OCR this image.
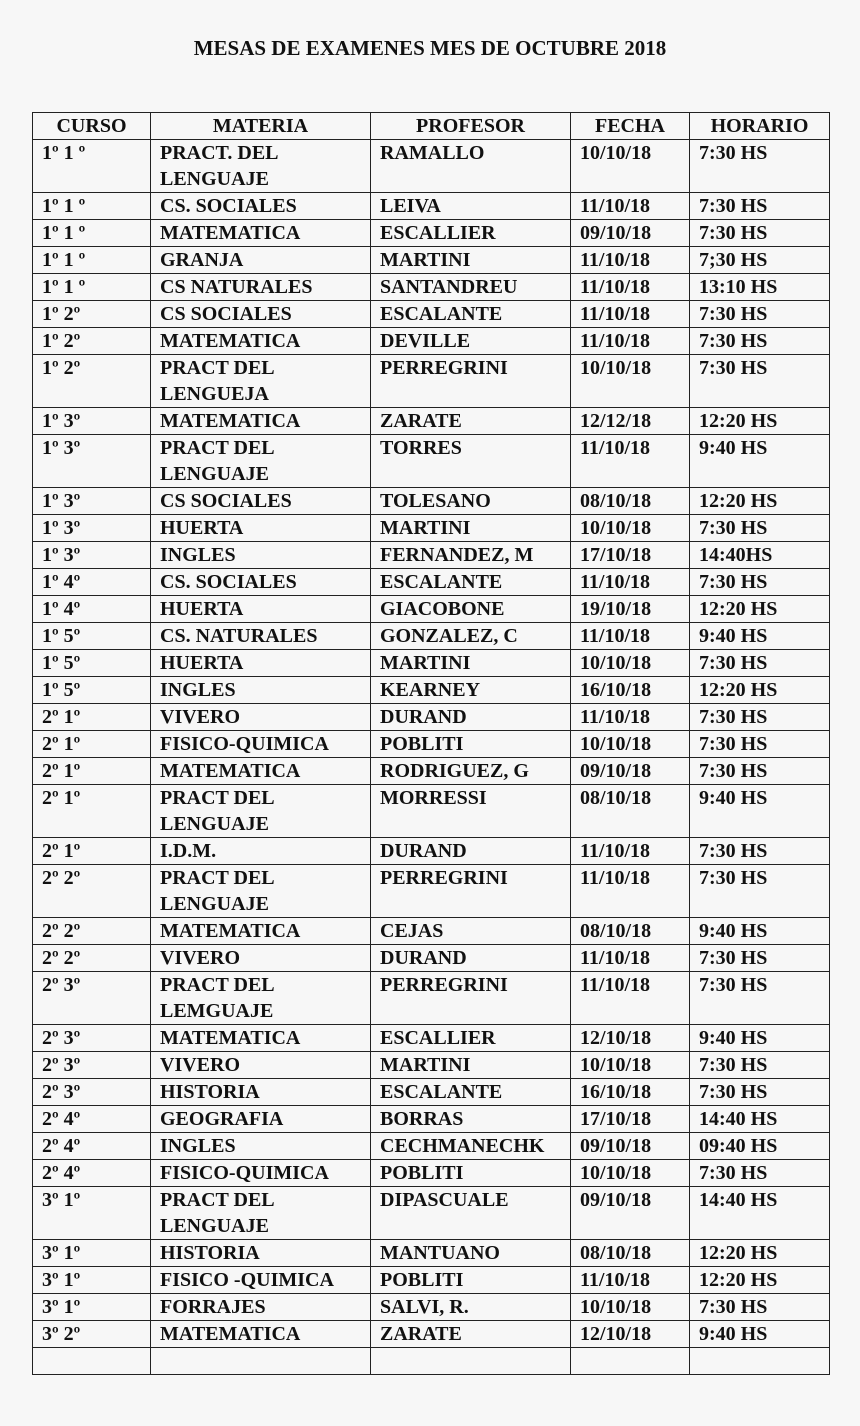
MESAS DE EXAMENES MES DE OCTUBRE 2018
CURSO	MATERIA	PROFESOR	FECHA	HORARIO
1º 1 º	PRACT. DEL LENGUAJE	RAMALLO	10/10/18	7:30 HS
1º 1 º	CS. SOCIALES	LEIVA	11/10/18	7:30 HS
1º 1 º	MATEMATICA	ESCALLIER	09/10/18	7:30 HS
1º 1 º	GRANJA	MARTINI	11/10/18	7;30 HS
1º 1 º	CS NATURALES	SANTANDREU	11/10/18	13:10 HS
1º 2º	CS SOCIALES	ESCALANTE	11/10/18	7:30 HS
1º 2º	MATEMATICA	DEVILLE	11/10/18	7:30 HS
1º 2º	PRACT DEL LENGUEJA	PERREGRINI	10/10/18	7:30 HS
1º 3º	MATEMATICA	ZARATE	12/12/18	12:20 HS
1º 3º	PRACT DEL LENGUAJE	TORRES	11/10/18	9:40 HS
1º 3º	CS SOCIALES	TOLESANO	08/10/18	12:20 HS
1º 3º	HUERTA	MARTINI	10/10/18	7:30 HS
1º 3º	INGLES	FERNANDEZ, M	17/10/18	14:40HS
1º 4º	CS. SOCIALES	ESCALANTE	11/10/18	7:30 HS
1º 4º	HUERTA	GIACOBONE	19/10/18	12:20 HS
1º 5º	CS. NATURALES	GONZALEZ, C	11/10/18	9:40 HS
1º 5º	HUERTA	MARTINI	10/10/18	7:30 HS
1º 5º	INGLES	KEARNEY	16/10/18	12:20 HS
2º 1º	VIVERO	DURAND	11/10/18	7:30 HS
2º 1º	FISICO-QUIMICA	POBLITI	10/10/18	7:30 HS
2º 1º	MATEMATICA	RODRIGUEZ, G	09/10/18	7:30 HS
2º 1º	PRACT DEL LENGUAJE	MORRESSI	08/10/18	9:40 HS
2º 1º	I.D.M.	DURAND	11/10/18	7:30 HS
2º 2º	PRACT DEL LENGUAJE	PERREGRINI	11/10/18	7:30 HS
2º 2º	MATEMATICA	CEJAS	08/10/18	9:40 HS
2º 2º	VIVERO	DURAND	11/10/18	7:30 HS
2º 3º	PRACT DEL LEMGUAJE	PERREGRINI	11/10/18	7:30 HS
2º 3º	MATEMATICA	ESCALLIER	12/10/18	9:40 HS
2º 3º	VIVERO	MARTINI	10/10/18	7:30 HS
2º 3º	HISTORIA	ESCALANTE	16/10/18	7:30 HS
2º 4º	GEOGRAFIA	BORRAS	17/10/18	14:40 HS
2º 4º	INGLES	CECHMANECHK	09/10/18	09:40 HS
2º 4º	FISICO-QUIMICA	POBLITI	10/10/18	7:30 HS
3º 1º	PRACT DEL LENGUAJE	DIPASCUALE	09/10/18	14:40 HS
3º 1º	HISTORIA	MANTUANO	08/10/18	12:20 HS
3º 1º	FISICO -QUIMICA	POBLITI	11/10/18	12:20 HS
3º 1º	FORRAJES	SALVI, R.	10/10/18	7:30 HS
3º 2º	MATEMATICA	ZARATE	12/10/18	9:40 HS
